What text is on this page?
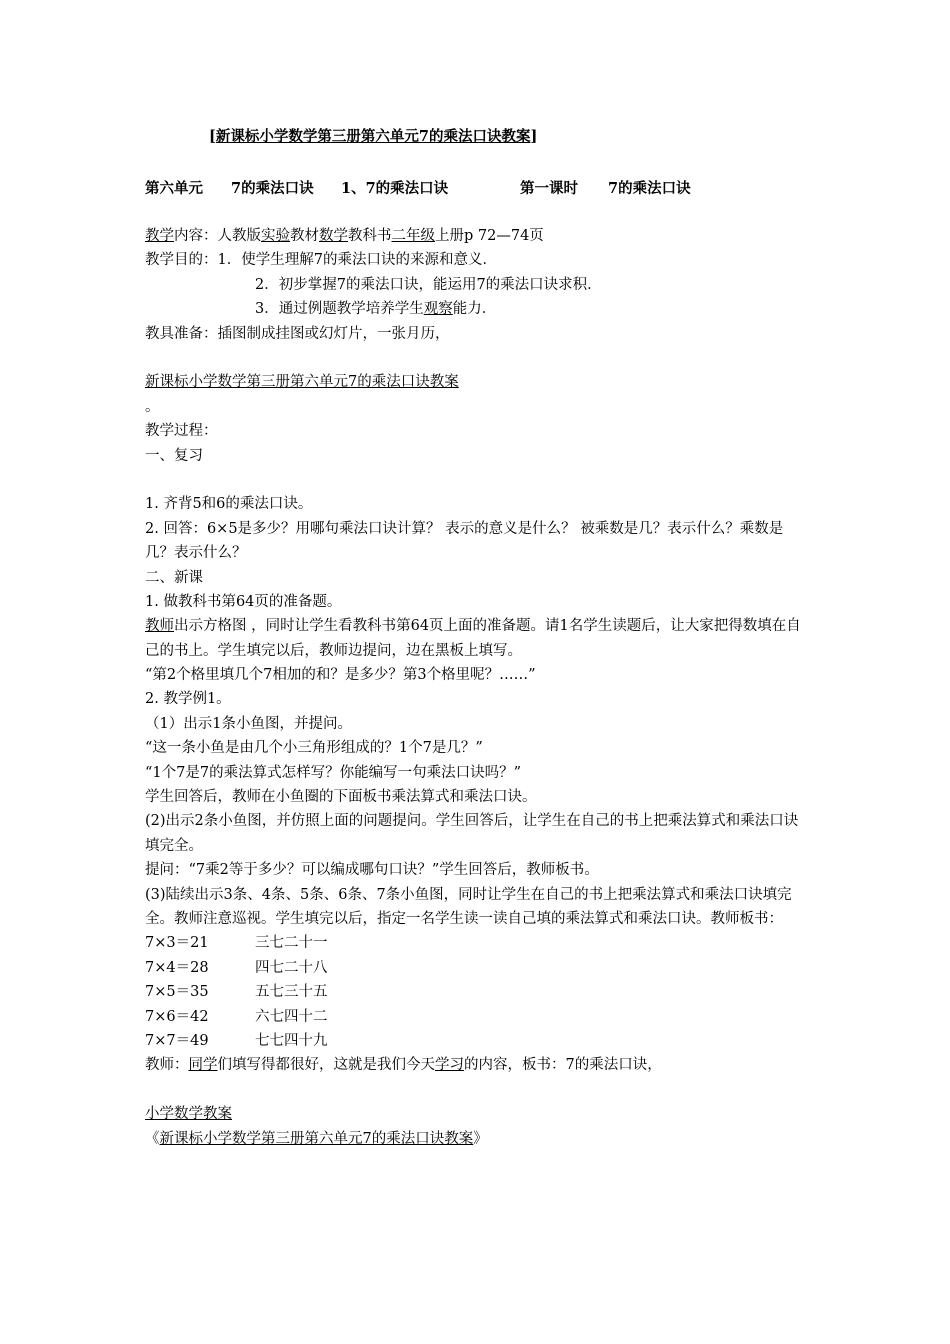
[新课标小学数学第三册第六单元7的乘法口诀教案]
第六单元 7的乘法口诀 1、7的乘法口诀	第一课时 7的乘法口诀
教学内容：人教版实验教材数学教科书二年级上册p 72—74页
教学目的：1．使学生理解7的乘法口诀的来源和意义．
2．初步掌握7的乘法口诀，能运用7的乘法口诀求积．
3．通过例题教学培养学生观察能力．
教具准备：插图制成挂图或幻灯片，一张月历，
新课标小学数学第三册第六单元7的乘法口诀教案
。
教学过程：
一、复习
1. 齐背5和6的乘法口诀。
2. 回答：6×5是多少？用哪句乘法口诀计算？ 表示的意义是什么？ 被乘数是几？表示什么？乘数是几？表示什么？
二、新课
1. 做教科书第64页的准备题。
教师出示方格图 ，同时让学生看教科书第64页上面的准备题。请1名学生读题后，让大家把得数填在自己的书上。学生填完以后，教师边提问，边在黑板上填写。
“第2个格里填几个7相加的和？是多少？第3个格里呢？……”
2. 教学例1。
（1）出示1条小鱼图，并提问。
“这一条小鱼是由几个小三角形组成的？1个7是几？”
“1个7是7的乘法算式怎样写？你能编写一句乘法口诀吗？”
学生回答后，教师在小鱼圈的下面板书乘法算式和乘法口诀。
(2)出示2条小鱼图，并仿照上面的问题提问。学生回答后，让学生在自己的书上把乘法算式和乘法口诀填完全。
提问：“7乘2等于多少？可以编成哪句口诀？”学生回答后，教师板书。
(3)陆续出示3条、4条、5条、6条、7条小鱼图，同时让学生在自己的书上把乘法算式和乘法口诀填完全。教师注意巡视。学生填完以后，指定一名学生读一读自己填的乘法算式和乘法口诀。教师板书：
7×3＝21	三七二十一
7×4＝28	四七二十八
7×5＝35	五七三十五
7×6＝42	六七四十二
7×7＝49	七七四十九
教师：同学们填写得都很好，这就是我们今天学习的内容，板书：7的乘法口诀，
小学数学教案
《新课标小学数学第三册第六单元7的乘法口诀教案》
